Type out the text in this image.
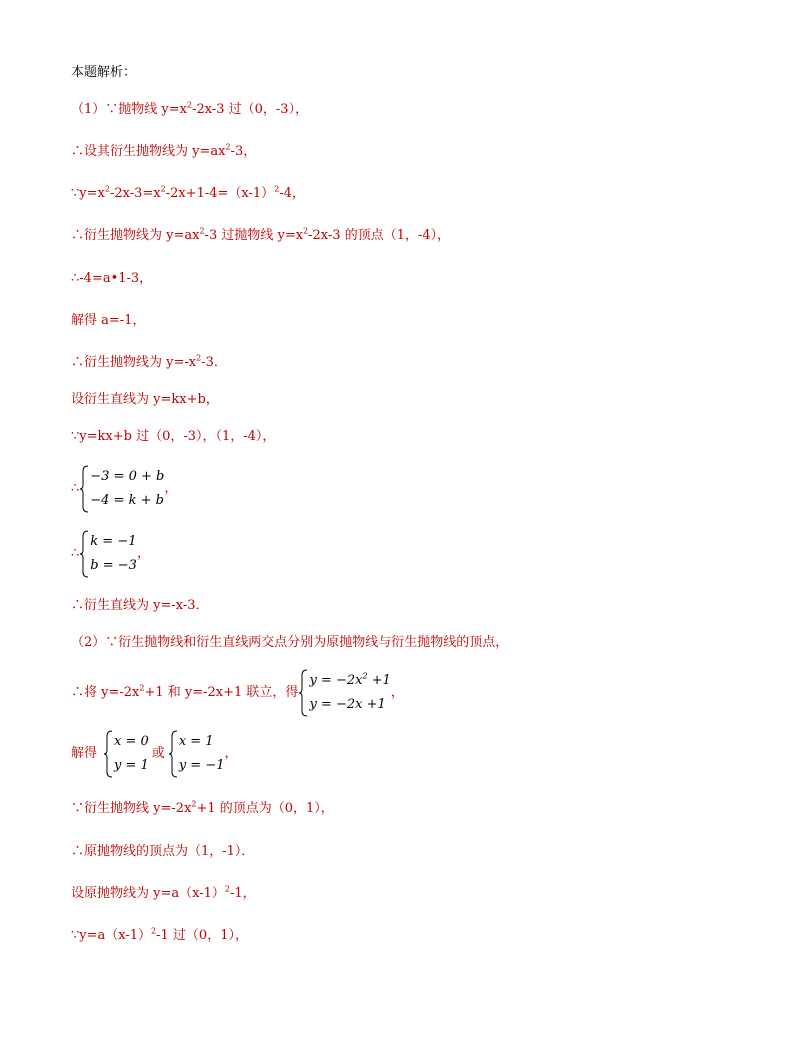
本题解析：
（1）∵抛物线 $y=x^2-2x-3$ 过（0，-3），
∴设其衍生抛物线为 $y=ax^2-3$，
$\because y=x^2-2x-3=x^2-2x+1-4=(x-1)^2-4$，
∴衍生抛物线为 $y=ax^2-3$ 过抛物线 $y=x^2-2x-3$ 的顶点（1，-4），
∴-4=a•1-3，
解得 a=-1，
∴衍生抛物线为 $y=-x^2-3$．
设衍生直线为 y=kx+b，
∵y=kx+b 过（0，-3），（1，-4），
∴
−3 = 0 + b
−4 = k + b
，
∴
k = −1
b = −3
，
∴衍生直线为 y=-x-3．
（2）∵衍生抛物线和衍生直线两交点分别为原抛物线与衍生抛物线的顶点，
∴将 $y=-2x^2+1$ 和 y=-2x+1 联立，得
$y = -2x^2 +1$
y = −2x +1
，
解得
x = 0
y = 1
或
x = 1
y = −1
，
∵衍生抛物线 $y=-2x^2+1$ 的顶点为（0，1），
∴原抛物线的顶点为（1，-1）．
设原抛物线为 $y=a(x-1)^2-1$，
$\because y=a(x-1)^2-1$ 过（0，1），
